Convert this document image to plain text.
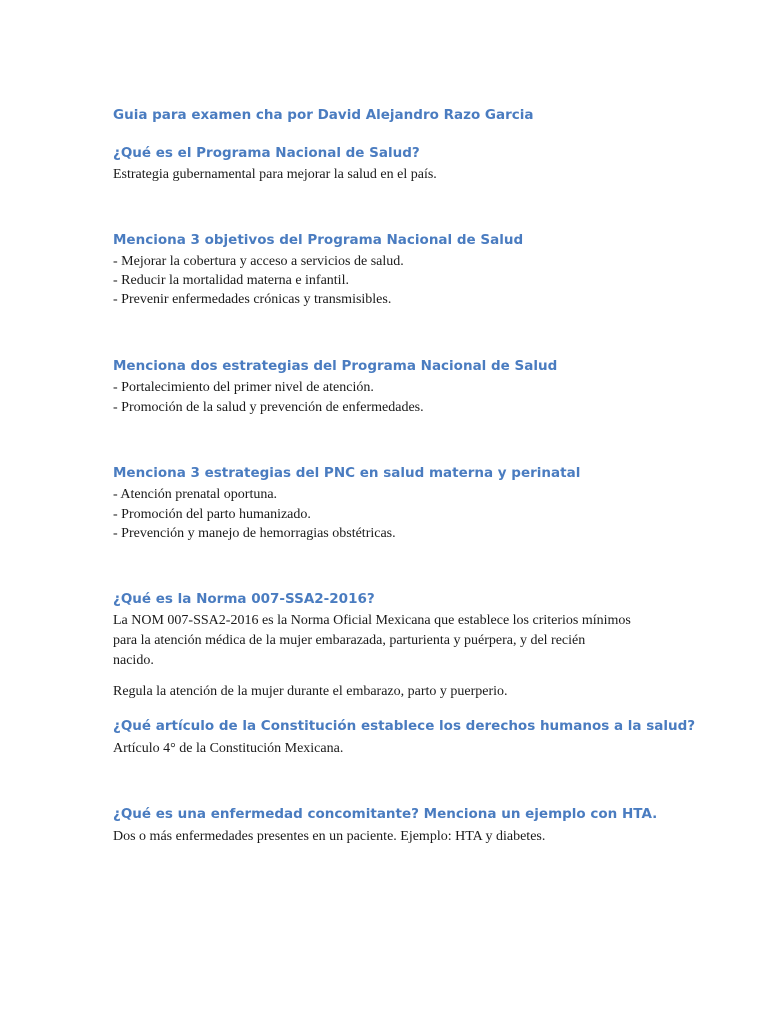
Guia para examen cha por David Alejandro Razo Garcia

¿Qué es el Programa Nacional de Salud?

Estrategia gubernamental para mejorar la salud en el país.

Menciona 3 objetivos del Programa Nacional de Salud

- Mejorar la cobertura y acceso a servicios de salud.

- Reducir la mortalidad materna e infantil.

- Prevenir enfermedades crónicas y transmisibles.

Menciona dos estrategias del Programa Nacional de Salud

- Portalecimiento del primer nivel de atención.

- Promoción de la salud y prevención de enfermedades.

Menciona 3 estrategias del PNC en salud materna y perinatal

- Atención prenatal oportuna.

- Promoción del parto humanizado.

- Prevención y manejo de hemorragias obstétricas.

¿Qué es la Norma 007-SSA2-2016?

La NOM 007-SSA2-2016 es la Norma Oficial Mexicana que establece los criterios mínimos

para la atención médica de la mujer embarazada, parturienta y puérpera, y del recién

nacido.

Regula la atención de la mujer durante el embarazo, parto y puerperio.

¿Qué artículo de la Constitución establece los derechos humanos a la salud?

Artículo 4° de la Constitución Mexicana.

¿Qué es una enfermedad concomitante? Menciona un ejemplo con HTA.

Dos o más enfermedades presentes en un paciente. Ejemplo: HTA y diabetes.
